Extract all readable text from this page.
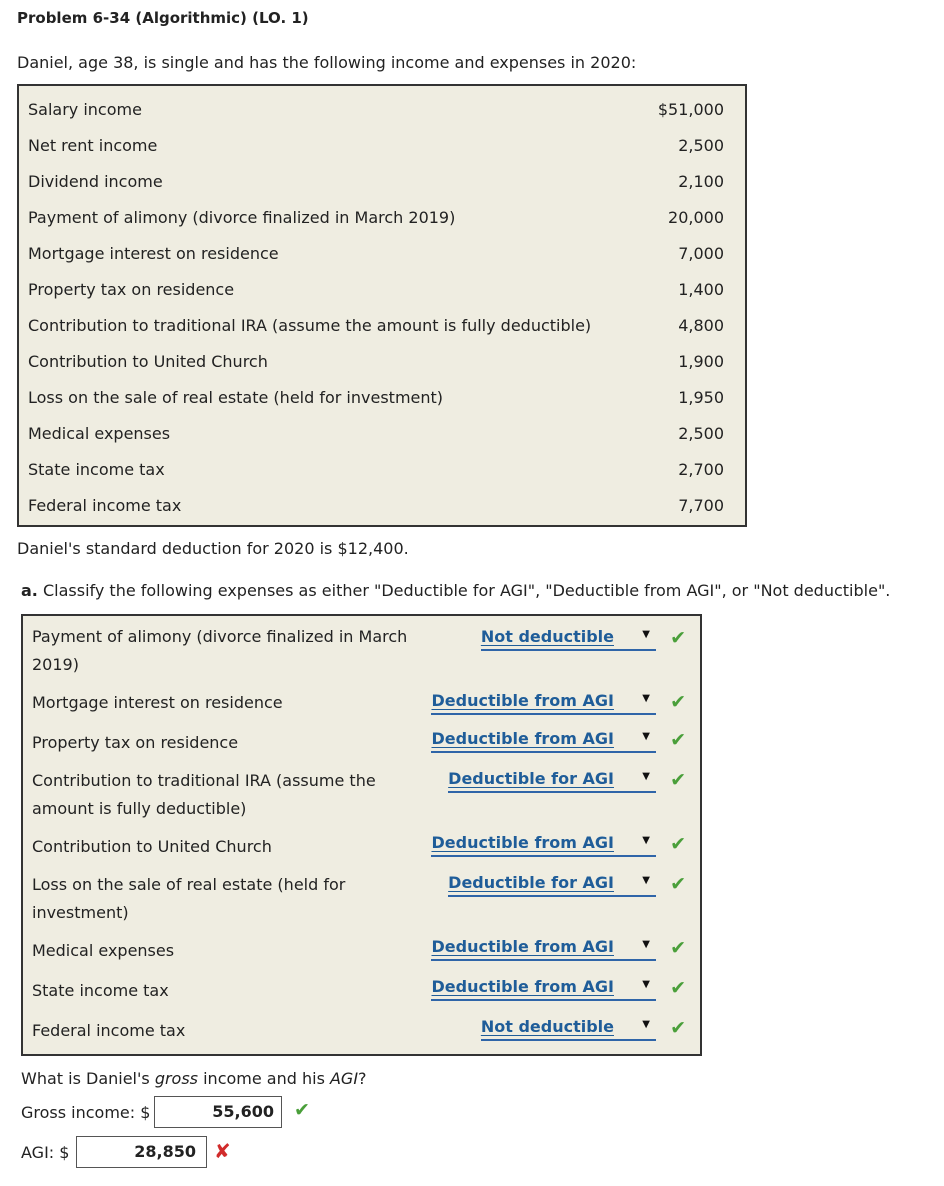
Problem 6-34 (Algorithmic) (LO. 1)
Daniel, age 38, is single and has the following income and expenses in 2020:
Salary income	$51,000
Net rent income	2,500
Dividend income	2,100
Payment of alimony (divorce finalized in March 2019)	20,000
Mortgage interest on residence	7,000
Property tax on residence	1,400
Contribution to traditional IRA (assume the amount is fully deductible)	4,800
Contribution to United Church	1,900
Loss on the sale of real estate (held for investment)	1,950
Medical expenses	2,500
State income tax	2,700
Federal income tax	7,700
Daniel's standard deduction for 2020 is $12,400.
a. Classify the following expenses as either "Deductible for AGI", "Deductible from AGI", or "Not deductible".
Payment of alimony (divorce finalized in March 2019)
Not deductible	▼ ✔
Mortgage interest on residence	Deductible from AGI	▼ ✔
Property tax on residence	Deductible from AGI	▼ ✔
Contribution to traditional IRA (assume the amount is fully deductible)
Deductible for AGI	▼ ✔
Contribution to United Church	Deductible from AGI	▼ ✔
Loss on the sale of real estate (held for investment)
Deductible for AGI	▼ ✔
Medical expenses	Deductible from AGI	▼ ✔
State income tax	Deductible from AGI	▼ ✔
Federal income tax	Not deductible	▼ ✔
What is Daniel's gross income and his AGI?
Gross income: $	55,600	✔
AGI: $	28,850 ✘
